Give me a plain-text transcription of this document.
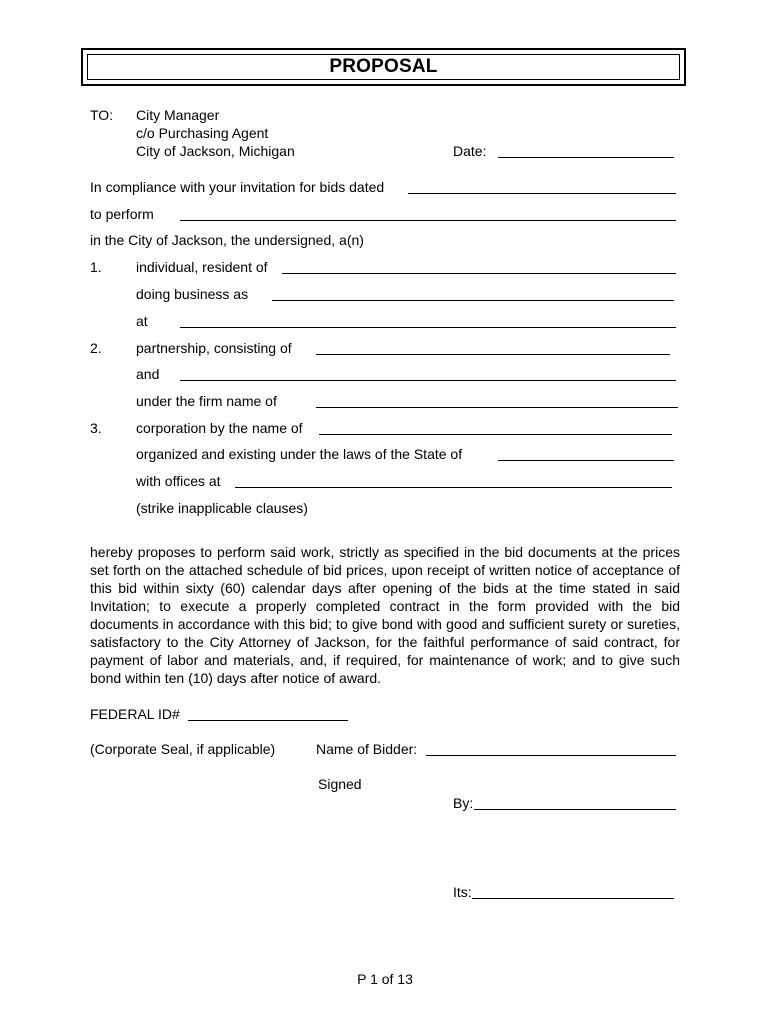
PROPOSAL
TO: City Manager
c/o Purchasing Agent
City of Jackson, Michigan	Date:
In compliance with your invitation for bids dated
to perform
in the City of Jackson, the undersigned, a(n)
1. individual, resident of
doing business as
at
2. partnership, consisting of
and
under the firm name of
3. corporation by the name of
organized and existing under the laws of the State of
with offices at
(strike inapplicable clauses)
hereby proposes to perform said work, strictly as specified in the bid documents at the prices set forth on the attached schedule of bid prices, upon receipt of written notice of acceptance of this bid within sixty (60) calendar days after opening of the bids at the time stated in said Invitation; to execute a properly completed contract in the form provided with the bid documents in accordance with this bid; to give bond with good and sufficient surety or sureties, satisfactory to the City Attorney of Jackson, for the faithful performance of said contract, for payment of labor and materials, and, if required, for maintenance of work; and to give such bond within ten (10) days after notice of award.
FEDERAL ID#
(Corporate Seal, if applicable)	Name of Bidder:
Signed
By:
Its:
P 1 of 13
